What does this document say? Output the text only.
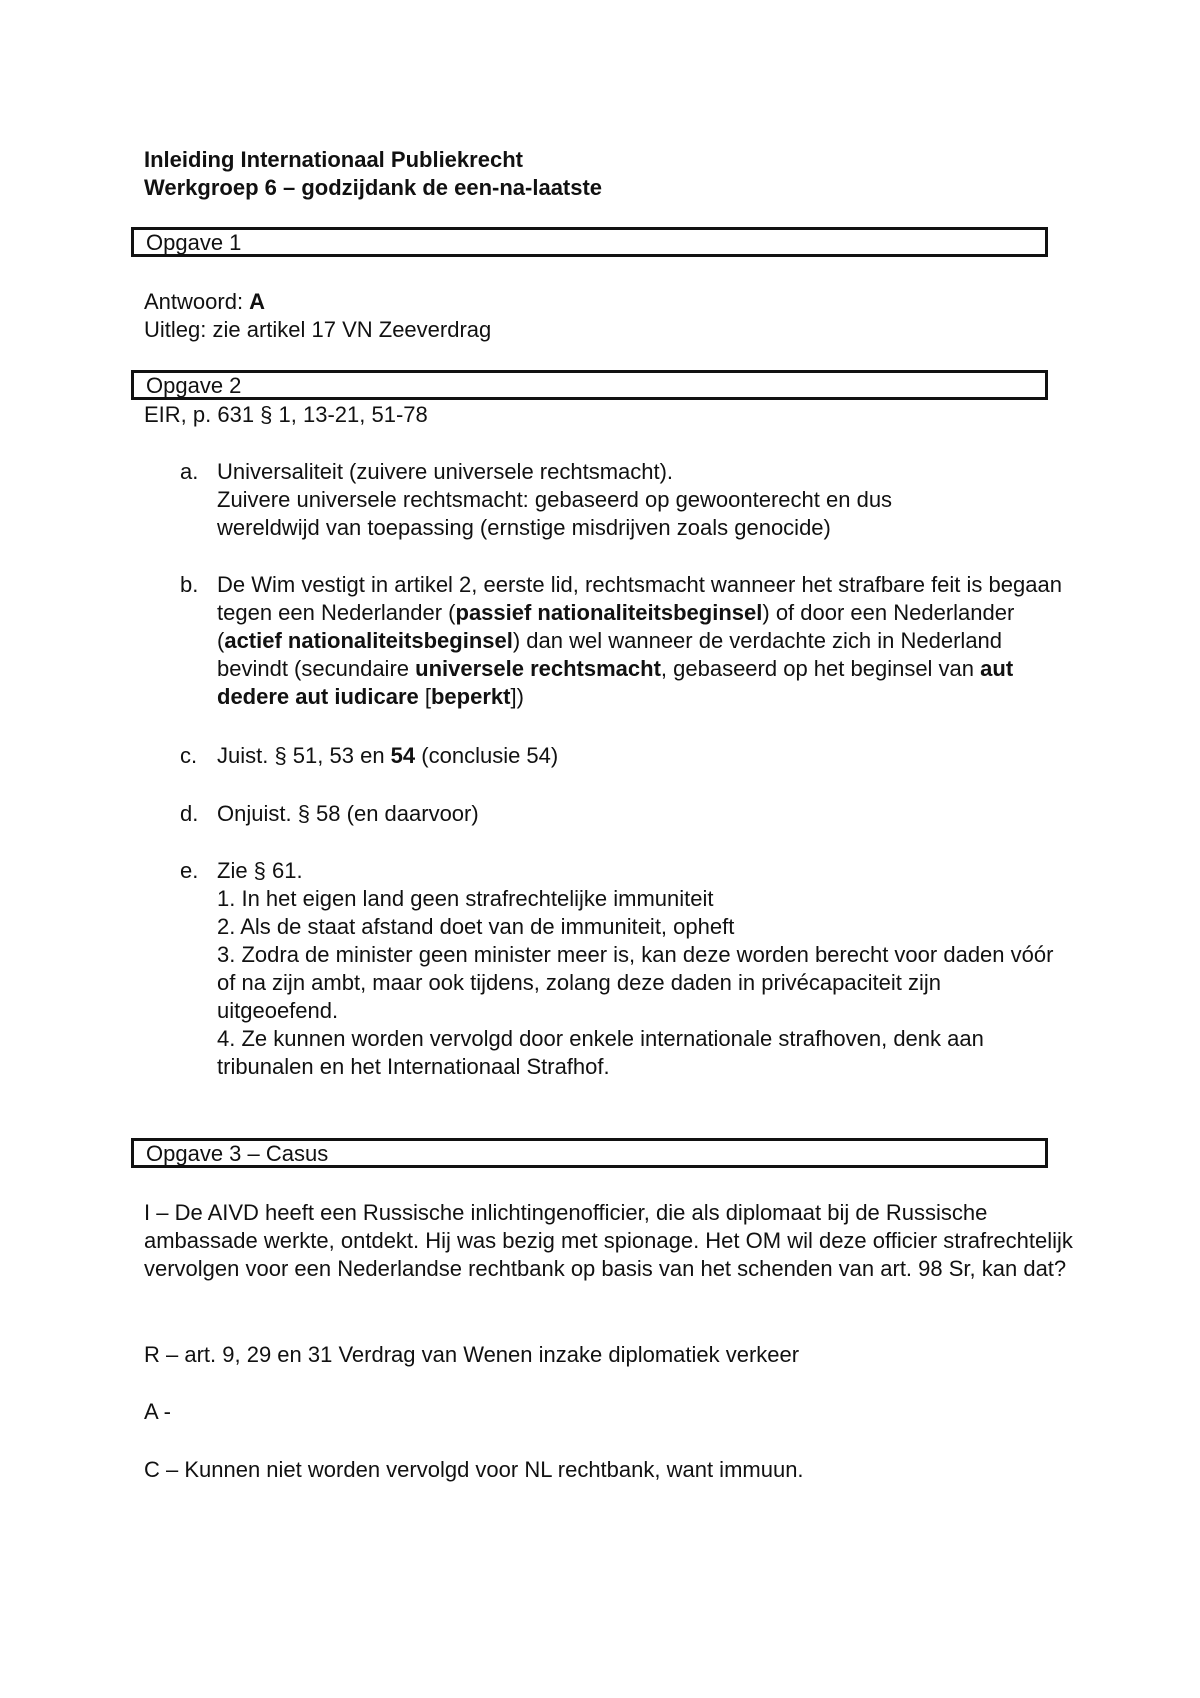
Inleiding Internationaal Publiekrecht
Werkgroep 6 – godzijdank de een-na-laatste
Opgave 1
Antwoord: A
Uitleg: zie artikel 17 VN Zeeverdrag
Opgave 2
EIR, p. 631 § 1, 13-21, 51-78
a. Universaliteit (zuivere universele rechtsmacht).

Zuivere universele rechtsmacht: gebaseerd op gewoonterecht en dus

wereldwijd van toepassing (ernstige misdrijven zoals genocide)

b. De Wim vestigt in artikel 2, eerste lid, rechtsmacht wanneer het strafbare feit is begaan tegen een Nederlander (passief nationaliteitsbeginsel) of door een Nederlander (actief nationaliteitsbeginsel) dan wel wanneer de verdachte zich in Nederland bevindt (secundaire universele rechtsmacht, gebaseerd op het beginsel van aut dedere aut iudicare [beperkt])

c. Juist. § 51, 53 en 54 (conclusie 54)

d. Onjuist. § 58 (en daarvoor)
e. Zie § 61.

1. In het eigen land geen strafrechtelijke immuniteit

2. Als de staat afstand doet van de immuniteit, opheft

3. Zodra de minister geen minister meer is, kan deze worden berecht voor daden vóór of na zijn ambt, maar ook tijdens, zolang deze daden in privécapaciteit zijn uitgeoefend.

4. Ze kunnen worden vervolgd door enkele internationale strafhoven, denk aan tribunalen en het Internationaal Strafhof.

Opgave 3 – Casus
I – De AIVD heeft een Russische inlichtingenofficier, die als diplomaat bij de Russische ambassade werkte, ontdekt. Hij was bezig met spionage. Het OM wil deze officier strafrechtelijk vervolgen voor een Nederlandse rechtbank op basis van het schenden van art. 98 Sr, kan dat?
R – art. 9, 29 en 31 Verdrag van Wenen inzake diplomatiek verkeer
A -
C – Kunnen niet worden vervolgd voor NL rechtbank, want immuun.
